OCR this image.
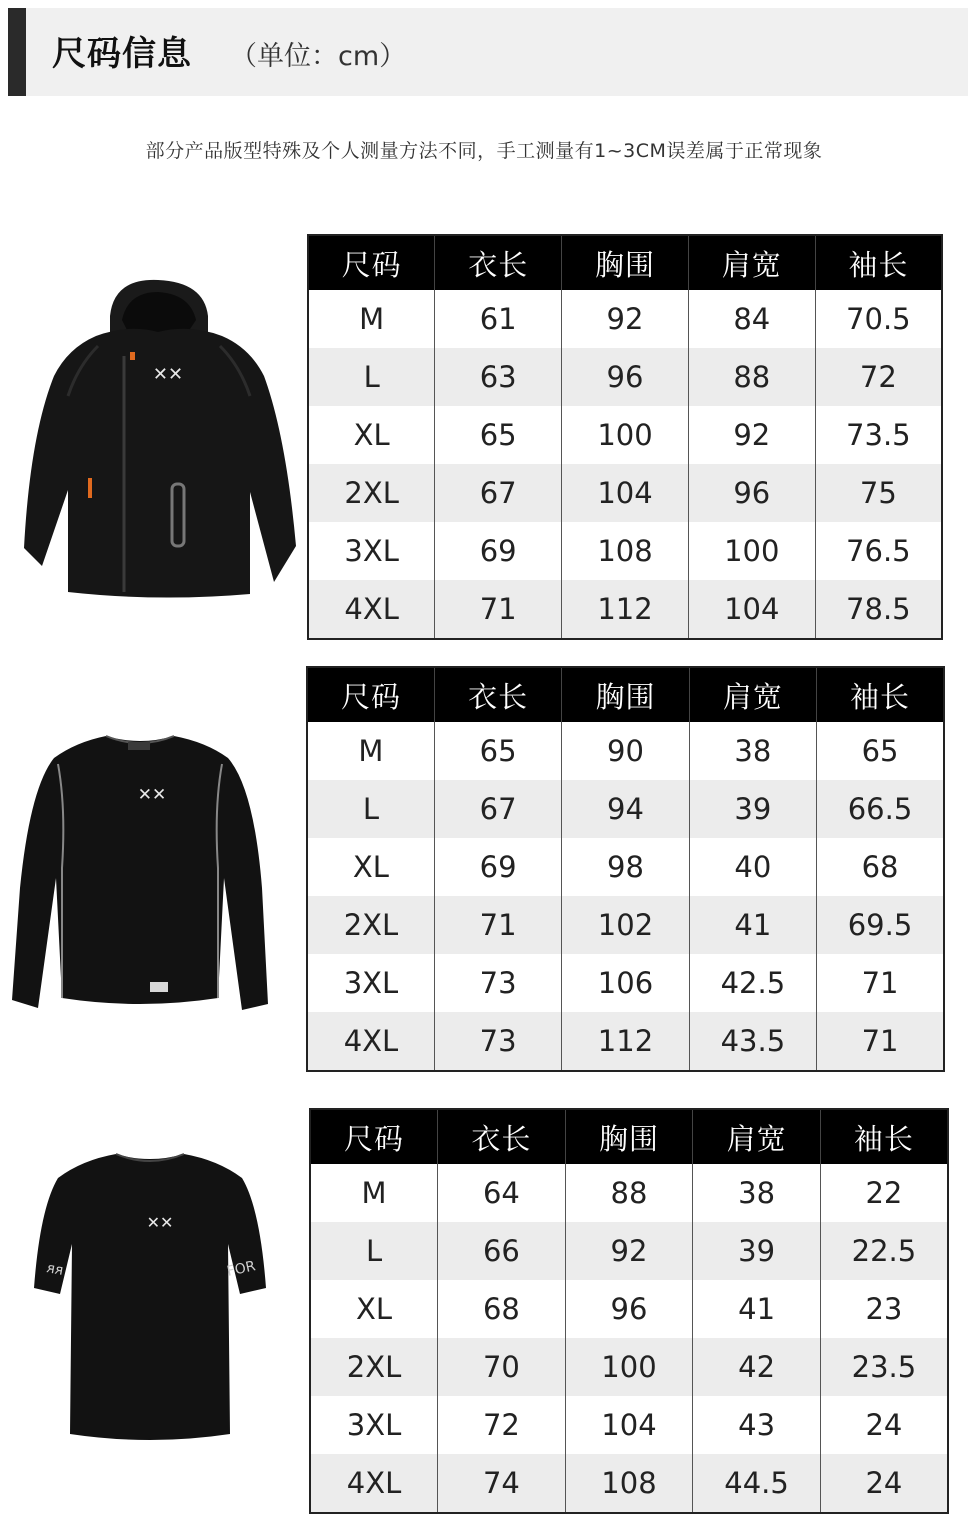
尺码信息 （单位：cm）
部分产品版型特殊及个人测量方法不同，手工测量有1~3CM误差属于正常现象
✕✕
尺码	衣长	胸围	肩宽	袖长
M	61	92	84	70.5
L	63	96	88	72
XL	65	100	92	73.5
2XL	67	104	96	75
3XL	69	108	100	76.5
4XL	71	112	104	78.5
✕✕
尺码	衣长	胸围	肩宽	袖长
M	65	90	38	65
L	67	94	39	66.5
XL	69	98	40	68
2XL	71	102	41	69.5
3XL	73	106	42.5	71
4XL	73	112	43.5	71
ᴙᴙ	FOR
✕✕
尺码	衣长	胸围	肩宽	袖长
M	64	88	38	22
L	66	92	39	22.5
XL	68	96	41	23
2XL	70	100	42	23.5
3XL	72	104	43	24
4XL	74	108	44.5	24
